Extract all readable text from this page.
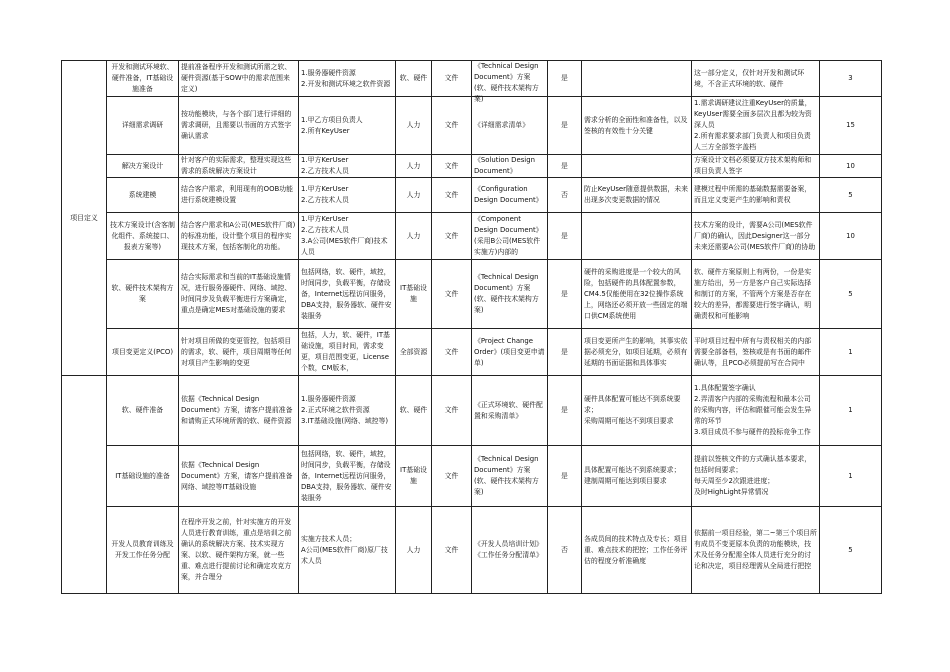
项目定义	开发和测试环境软、硬件准备，IT基础设施准备	提前准备程序开发和测试所需之软、硬件资源(基于SOW中的需求范围来定义)	1.服务器硬件资源
2.开发和测试环境之软件资源	软、硬件	文件	《Technical Design Document》方案(软、硬件技术架构方案)	是		这一部分定义，仅针对开发和测试环境，不含正式环境的软、硬件	3

	详细需求调研	按功能模块，与各个部门进行详细的需求调研，且需要以书面的方式签字确认需求	1.甲乙方项目负责人
2.所有KeyUser	人力	文件	《详细需求清单》	是	需求分析的全面性和准备性，以及签核的有效性十分关键	1.需求调研建议注重KeyUser的质量，KeyUser需要全面多层次且都为较为资深人员
2.所有需求要求部门负责人和项目负责人三方全部签字盖档	15

	解决方案设计	针对客户的实际需求，整理实现这些需求的系统解决方案设计	1.甲方KerUser
2.乙方技术人员	人力	文件	《Solution Design Document》	是		方案设计文档必须要双方技术架构师和项目负责人签字	10

	系统建模	结合客户需求，利用现有的OOB功能进行系统建模设置	1.甲方KerUser
2.乙方技术人员	人力	文件	《Configuration Design Document》	否	防止KeyUser随意提供数据，未来出现多次变更数据的情况	建模过程中所需的基础数据需要备案，而且定义变更产生的影响和责权	5

	技术方案设计(含客制化组件、系统接口、报表方案等)	结合客户需求和A公司(MES软件厂商)的标准功能，设计整个项目的程序实现技术方案，包括客制化的功能。	1.甲方KerUser
2.乙方技术人员
3.A公司(MES软件厂商)技术人员	人力	文件	《Component Design Document》(采用B公司(MES软件实施方)内部的	是		技术方案的设计，需要A公司(MES软件厂商)的确认，因此Designer这一部分未来还需要A公司(MES软件厂商)的协助	10

	软、硬件技术架构方案	结合实际需求和当前的IT基础设施情况，进行服务器硬件、网络、域控、时间同步及负载平衡进行方案确定，重点是确定MES对基础设施的要求	包括网络，软、硬件，域控，时间同步，负载平衡，存储设备，Internet远程访问服务，DBA支持，服务器软、硬件安装服务	IT基础设施	文件	《Technical Design Document》方案(软、硬件技术架构方案)	是	硬件的采购进度是一个较大的风险，包括硬件的具体配置参数，CM4.5仅能使用在32位操作系统上，网络还必须开放一些固定的端口供CM系统使用	软、硬件方案原则上有两份，一份是实施方给出，另一方是客户自己实际选择和制订的方案，不管两个方案是否存在较大的差异，都需要进行签字确认，明确责权和可能影响	5

	项目变更定义(PCO)	针对项目所做的变更管控，包括项目的需求，软、硬件，项目周期等任何对项目产生影响的变更	包括，人力，软、硬件，IT基础设施，项目时间，需求变更，项目范围变更，License个数，CM版本，	全部资源	文件	《Project Change Order》(项目变更申请单)	是	项目变更所产生的影响，其事实依据必须充分，如项目延期，必须有延期的书面证据和具体事实	平时项目过程中所有与责权相关的内部需要全部备档，签核或是有书面的邮件确认等，且PCO必须提前写在合同中	1

	软、硬件准备	依据《Technical Design Document》方案，请客户提前准备和请购正式环境所需的软、硬件资源	1.服务器硬件资源
2.正式环境之软件资源
3.IT基础设施(网络、域控等)	软、硬件	文件	《正式环境软、硬件配置和采购清单》	是	硬件具体配置可能达不到系统要求；
采购周期可能达不到项目要求	1.具体配置签字确认
2.弄清客户内部的采购流程和最本公司的采购内容，评估和跟催可能会发生异常的环节
3.项目成员不参与硬件的投标竞争工作	1

	IT基础设施的准备	依据《Technical Design Document》方案，请客户提前准备网络、域控等IT基础设施	包括网络，软、硬件，域控，时间同步，负载平衡，存储设备，Internet远程访问服务，DBA支持，服务器软、硬件安装服务	IT基础设施	文件	《Technical Design Document》方案(软、硬件技术架构方案)	是	具体配置可能达不到系统要求；
建制周期可能达到项目要求	提前以签核文件的方式确认基本要求，包括时间要求；
每天周至少2次跟进进度；
及时HighLight异常情况	1

	开发人员教育训练及开发工作任务分配	在程序开发之前，针对实施方的开发人员进行教育训练，重点是培训之前确认的系统解决方案、技术实现方案、以软、硬件架构方案，就一些重、难点进行提前讨论和确定攻克方案，并合理分	实施方技术人员；
A公司(MES软件厂商)原厂技术人员	人力	文件	《开发人员培训计划》
《工作任务分配清单》	否	各成员间的技术特点及专长；项目重、难点技术的把控；工作任务评估的程度分析准确度	依据前一项目经验，第二~第三个项目所有成员不变更原本负责的功能模块，技术及任务分配需全体人员进行充分的讨论和决定，项目经理需从全局进行把控	5
